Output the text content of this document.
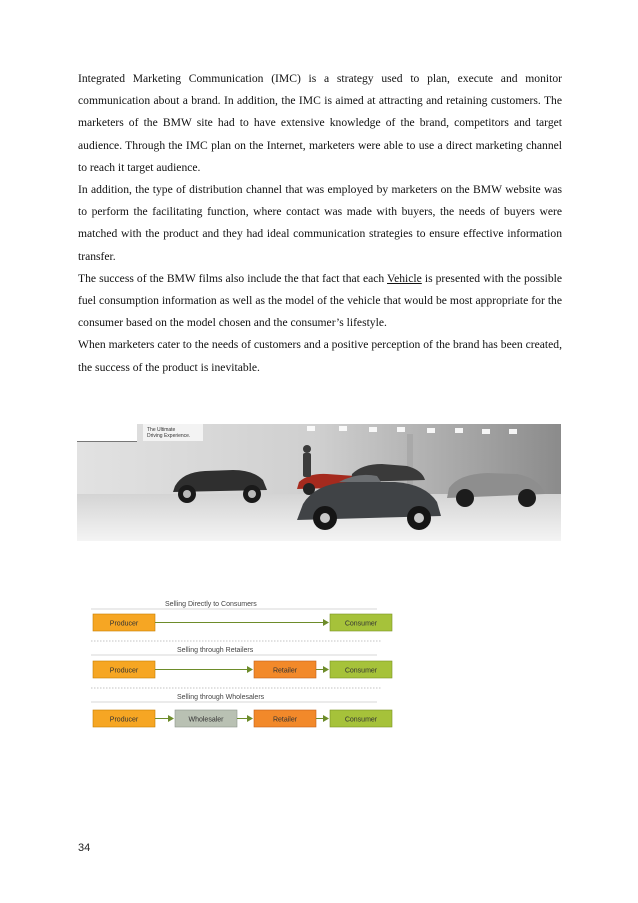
Integrated Marketing Communication (IMC) is a strategy used to plan, execute and monitor communication about a brand. In addition, the IMC is aimed at attracting and retaining customers. The marketers of the BMW site had to have extensive knowledge of the brand, competitors and target audience. Through the IMC plan on the Internet, marketers were able to use a direct marketing channel to reach it target audience.

In addition, the type of distribution channel that was employed by marketers on the BMW website was to perform the facilitating function, where contact was made with buyers, the needs of buyers were matched with the product and they had ideal communication strategies to ensure effective information transfer.

The success of the BMW films also include the that fact that each Vehicle is presented with the possible fuel consumption information as well as the model of the vehicle that would be most appropriate for the consumer based on the model chosen and the consumer’s lifestyle.

When marketers cater to the needs of customers and a positive perception of the brand has been created, the success of the product is inevitable.

The Ultimate
Driving Experience.
Selling Directly to Consumers
Producer	Consumer
Selling through Retailers
Producer	Retailer	Consumer
Selling through Wholesalers
Producer	Wholesaler	Retailer	Consumer
34
